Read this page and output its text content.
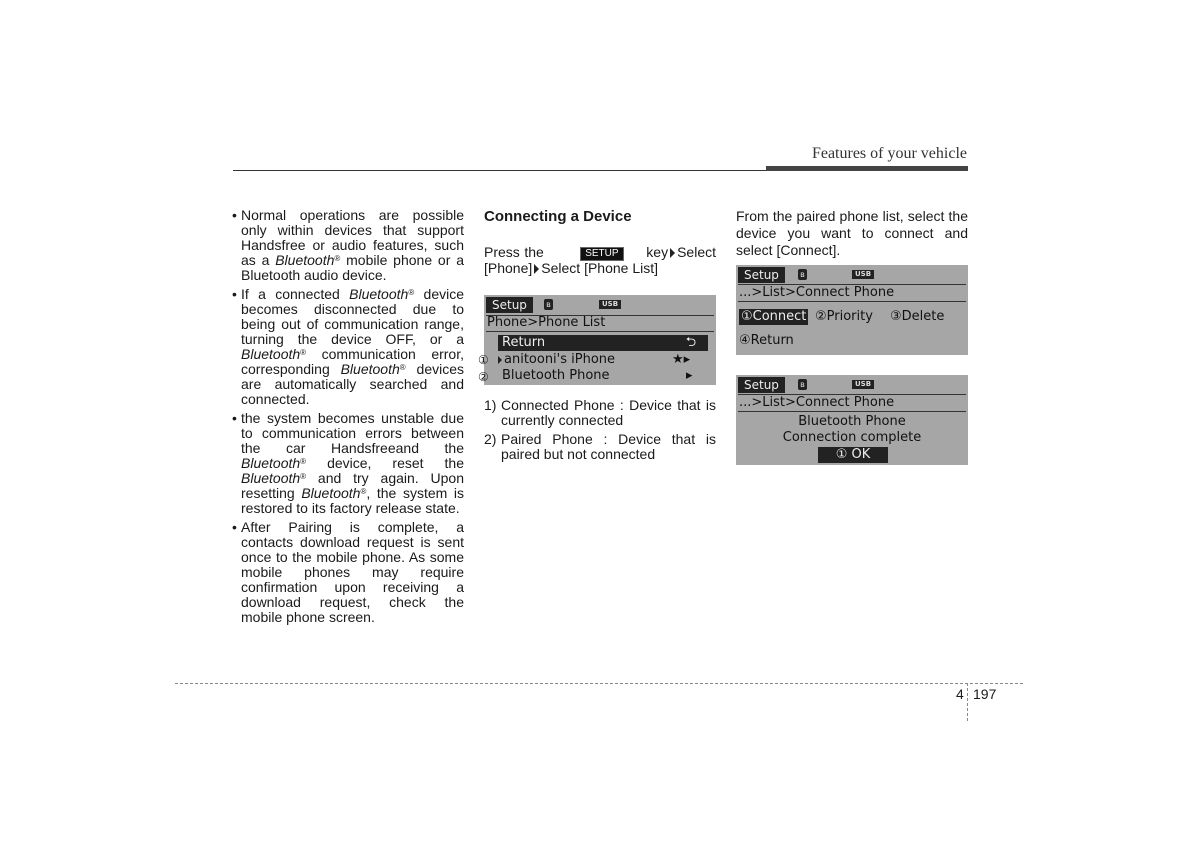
Features of your vehicle
• Normal operations are possible only within devices that support Handsfree or audio features, such as a Bluetooth® mobile phone or a Bluetooth audio device.
• If a connected Bluetooth® device becomes disconnected due to being out of communication range, turning the device OFF, or a Bluetooth® communication error, corresponding Bluetooth® devices are automatically searched and connected.
• the system becomes unstable due to communication errors between the car Handsfreeand the Bluetooth® device, reset the Bluetooth® and try again. Upon resetting Bluetooth®, the system is restored to its factory release state.
• After Pairing is complete, a contacts download request is sent once to the mobile phone. As some mobile phones may require confirmation upon receiving a download request, check the mobile phone screen.
Connecting a Device

Press the	SETUP key Select [Phone] Select [Phone List]

1) Connected Phone : Device that is currently connected
2) Paired Phone : Device that is paired but not connected
Setup	ʙ	USB
Phone>Phone List
Return	⮌
anitooni's iPhone	★▸
Bluetooth Phone	▸
①
②

From the paired phone list, select the device you want to connect and select [Connect].

Setup	ʙ	USB
...>List>Connect Phone
①Connect ②Priority ③Delete
④Return
Setup	ʙ	USB
...>List>Connect Phone
Bluetooth Phone
Connection complete
① OK
4 197
